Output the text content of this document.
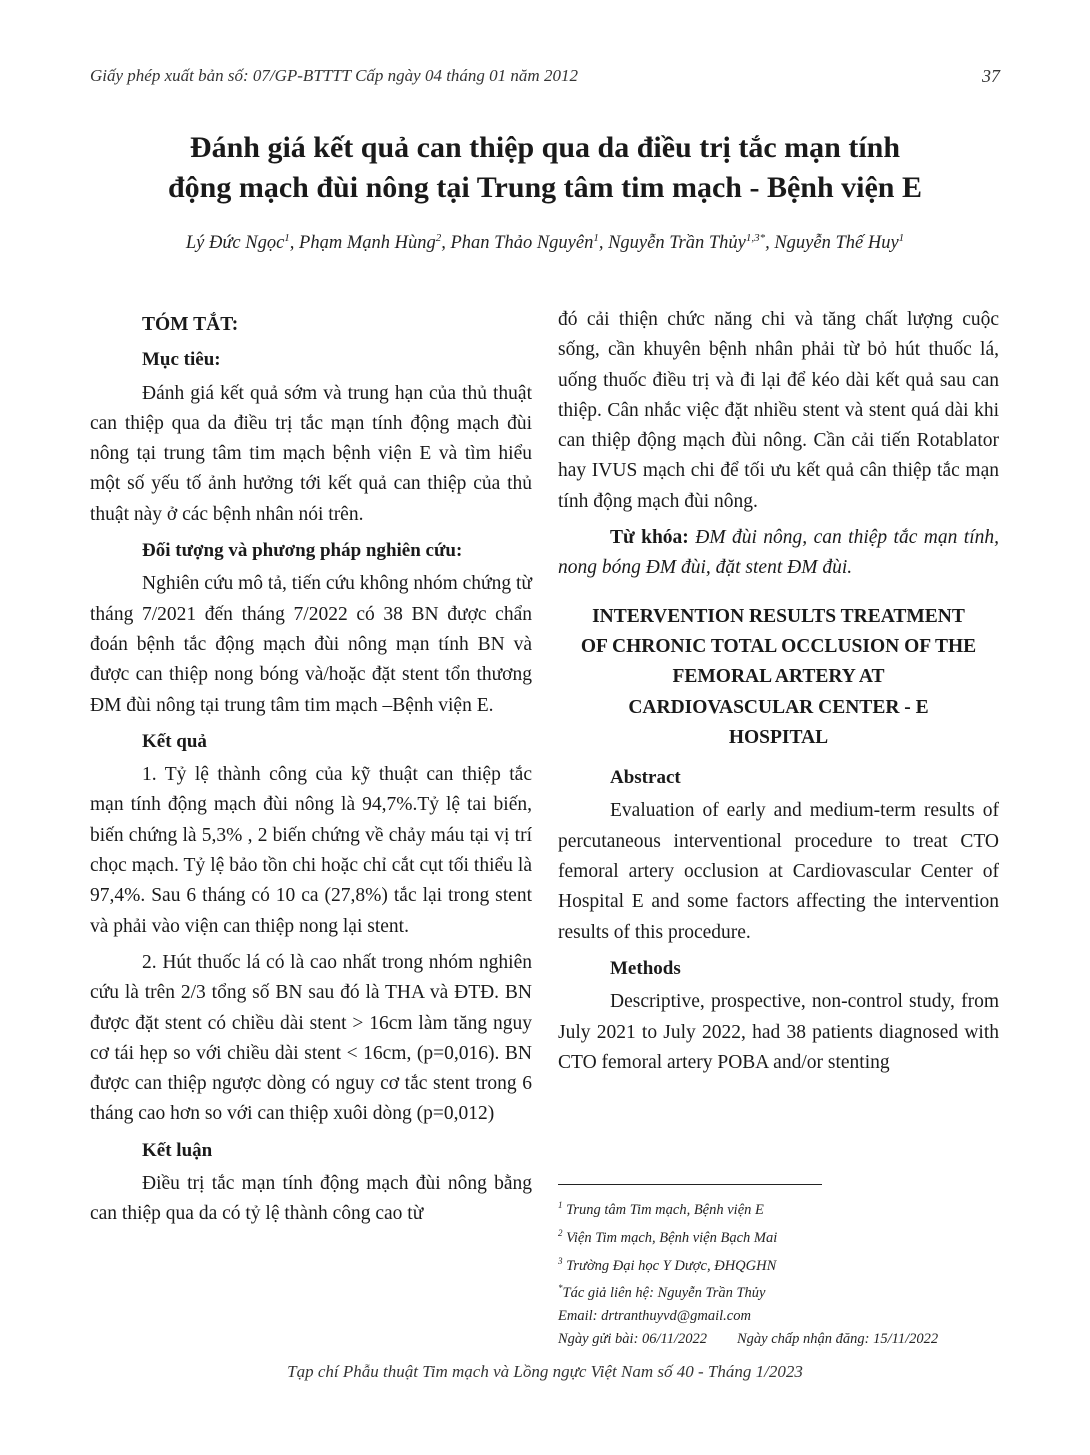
Giấy phép xuất bản số: 07/GP-BTTTT Cấp ngày 04 tháng 01 năm 2012	37
Đánh giá kết quả can thiệp qua da điều trị tắc mạn tính
động mạch đùi nông tại Trung tâm tim mạch - Bệnh viện E
Lý Đức Ngọc$^1$, Phạm Mạnh Hùng$^2$, Phan Thảo Nguyên$^1$, Nguyễn Trần Thủy$^{1,3*}$, Nguyễn Thế Huy$^1$
TÓM TẮT:
Mục tiêu:

Đánh giá kết quả sớm và trung hạn của thủ thuật can thiệp qua da điều trị tắc mạn tính động mạch đùi nông tại trung tâm tim mạch bệnh viện E và tìm hiểu một số yếu tố ảnh hưởng tới kết quả can thiệp của thủ thuật này ở các bệnh nhân nói trên.

Đối tượng và phương pháp nghiên cứu:

Nghiên cứu mô tả, tiến cứu không nhóm chứng từ tháng 7/2021 đến tháng 7/2022 có 38 BN được chẩn đoán bệnh tắc động mạch đùi nông mạn tính BN và được can thiệp nong bóng và/hoặc đặt stent tổn thương ĐM đùi nông tại trung tâm tim mạch –Bệnh viện E.

Kết quả

1. Tỷ lệ thành công của kỹ thuật can thiệp tắc mạn tính động mạch đùi nông là 94,7%.Tỷ lệ tai biến, biến chứng là 5,3% , 2 biến chứng về chảy máu tại vị trí chọc mạch. Tỷ lệ bảo tồn chi hoặc chỉ cắt cụt tối thiểu là 97,4%. Sau 6 tháng có 10 ca (27,8%) tắc lại trong stent và phải vào viện can thiệp nong lại stent.

2. Hút thuốc lá có là cao nhất trong nhóm nghiên cứu là trên 2/3 tổng số BN sau đó là THA và ĐTĐ. BN được đặt stent có chiều dài stent > 16cm làm tăng nguy cơ tái hẹp so với chiều dài stent < 16cm, (p=0,016). BN được can thiệp ngược dòng có nguy cơ tắc stent trong 6 tháng cao hơn so với can thiệp xuôi dòng (p=0,012)

Kết luận

Điều trị tắc mạn tính động mạch đùi nông bằng can thiệp qua da có tỷ lệ thành công cao từ

đó cải thiện chức năng chi và tăng chất lượng cuộc sống, cần khuyên bệnh nhân phải từ bỏ hút thuốc lá, uống thuốc điều trị và đi lại để kéo dài kết quả sau can thiệp. Cân nhắc việc đặt nhiều stent và stent quá dài khi can thiệp động mạch đùi nông. Cần cải tiến Rotablator hay IVUS mạch chi để tối ưu kết quả cân thiệp tắc mạn tính động mạch đùi nông.

Từ khóa: ĐM đùi nông, can thiệp tắc mạn tính, nong bóng ĐM đùi, đặt stent ĐM đùi.

INTERVENTION RESULTS TREATMENT
OF CHRONIC TOTAL OCCLUSION OF THE
FEMORAL ARTERY AT
CARDIOVASCULAR CENTER - E
HOSPITAL
Abstract

Evaluation of early and medium-term results of percutaneous interventional procedure to treat CTO femoral artery occlusion at Cardiovascular Center of Hospital E and some factors affecting the intervention results of this procedure.

Methods

Descriptive, prospective, non-control study, from July 2021 to July 2022, had 38 patients diagnosed with CTO femoral artery POBA and/or stenting

$^1$ Trung tâm Tim mạch, Bệnh viện E
$^2$ Viện Tim mạch, Bệnh viện Bạch Mai
$^3$ Trường Đại học Y Dược, ĐHQGHN
*Tác giả liên hệ: Nguyễn Trần Thủy
Email: drtranthuyvd@gmail.com
Ngày gửi bài: 06/11/2022 Ngày chấp nhận đăng: 15/11/2022
Tạp chí Phẫu thuật Tim mạch và Lồng ngực Việt Nam số 40 - Tháng 1/2023
